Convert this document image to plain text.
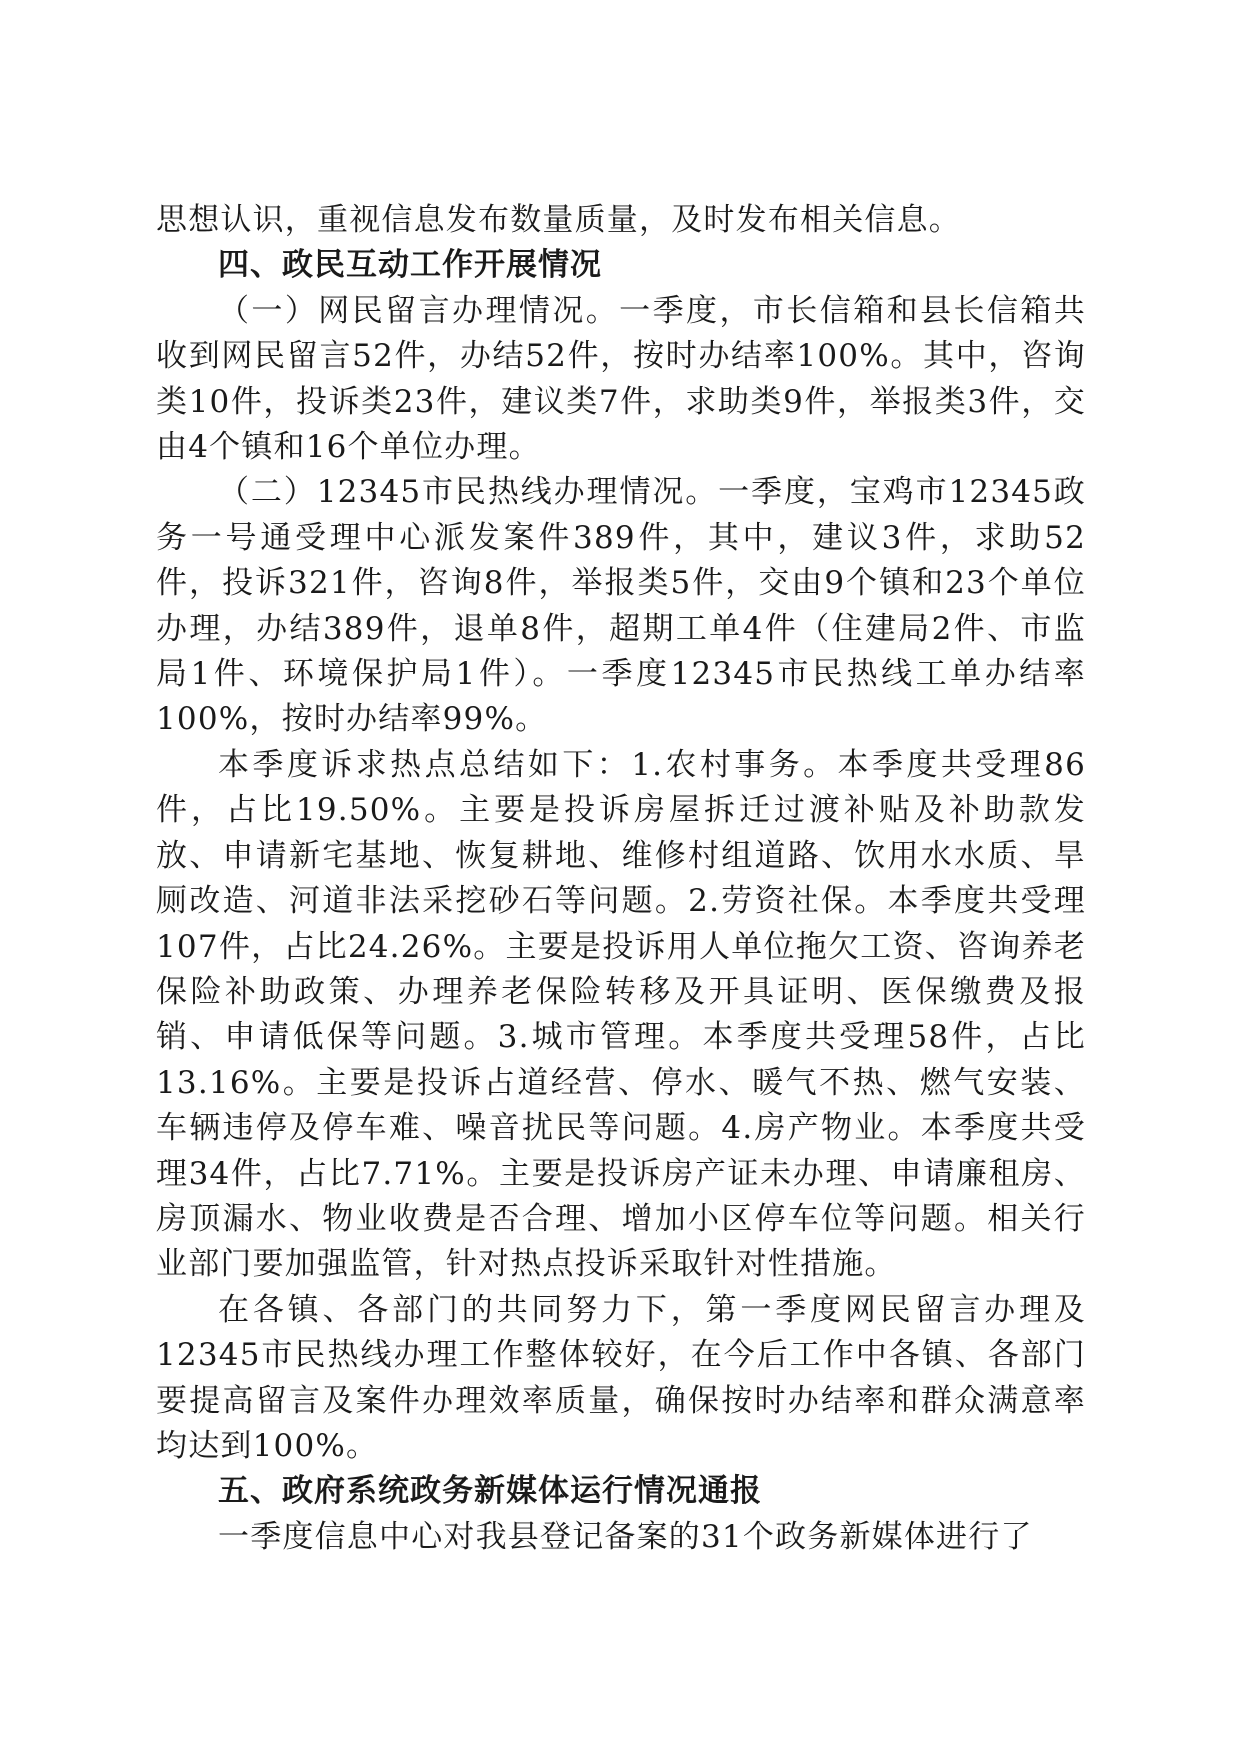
思想认识，重视信息发布数量质量，及时发布相关信息。

四、政民互动工作开展情况

（一）网民留言办理情况。一季度，市长信箱和县长信箱共收到网民留言52件，办结52件，按时办结率100%。其中，咨询类10件，投诉类23件，建议类7件，求助类9件，举报类3件，交由4个镇和16个单位办理。

（二）12345市民热线办理情况。一季度，宝鸡市12345政务一号通受理中心派发案件389件，其中，建议3件，求助52件，投诉321件，咨询8件，举报类5件，交由9个镇和23个单位办理，办结389件，退单8件，超期工单4件（住建局2件、市监局1件、环境保护局1件）。一季度12345市民热线工单办结率100%，按时办结率99%。

本季度诉求热点总结如下：1.农村事务。本季度共受理86件，占比19.50%。主要是投诉房屋拆迁过渡补贴及补助款发放、申请新宅基地、恢复耕地、维修村组道路、饮用水水质、旱厕改造、河道非法采挖砂石等问题。2.劳资社保。本季度共受理107件，占比24.26%。主要是投诉用人单位拖欠工资、咨询养老保险补助政策、办理养老保险转移及开具证明、医保缴费及报销、申请低保等问题。3.城市管理。本季度共受理58件，占比13.16%。主要是投诉占道经营、停水、暖气不热、燃气安装、车辆违停及停车难、噪音扰民等问题。4.房产物业。本季度共受理34件，占比7.71%。主要是投诉房产证未办理、申请廉租房、房顶漏水、物业收费是否合理、增加小区停车位等问题。相关行业部门要加强监管，针对热点投诉采取针对性措施。

在各镇、各部门的共同努力下，第一季度网民留言办理及12345市民热线办理工作整体较好，在今后工作中各镇、各部门要提高留言及案件办理效率质量，确保按时办结率和群众满意率均达到100%。

五、政府系统政务新媒体运行情况通报

一季度信息中心对我县登记备案的31个政务新媒体进行了
